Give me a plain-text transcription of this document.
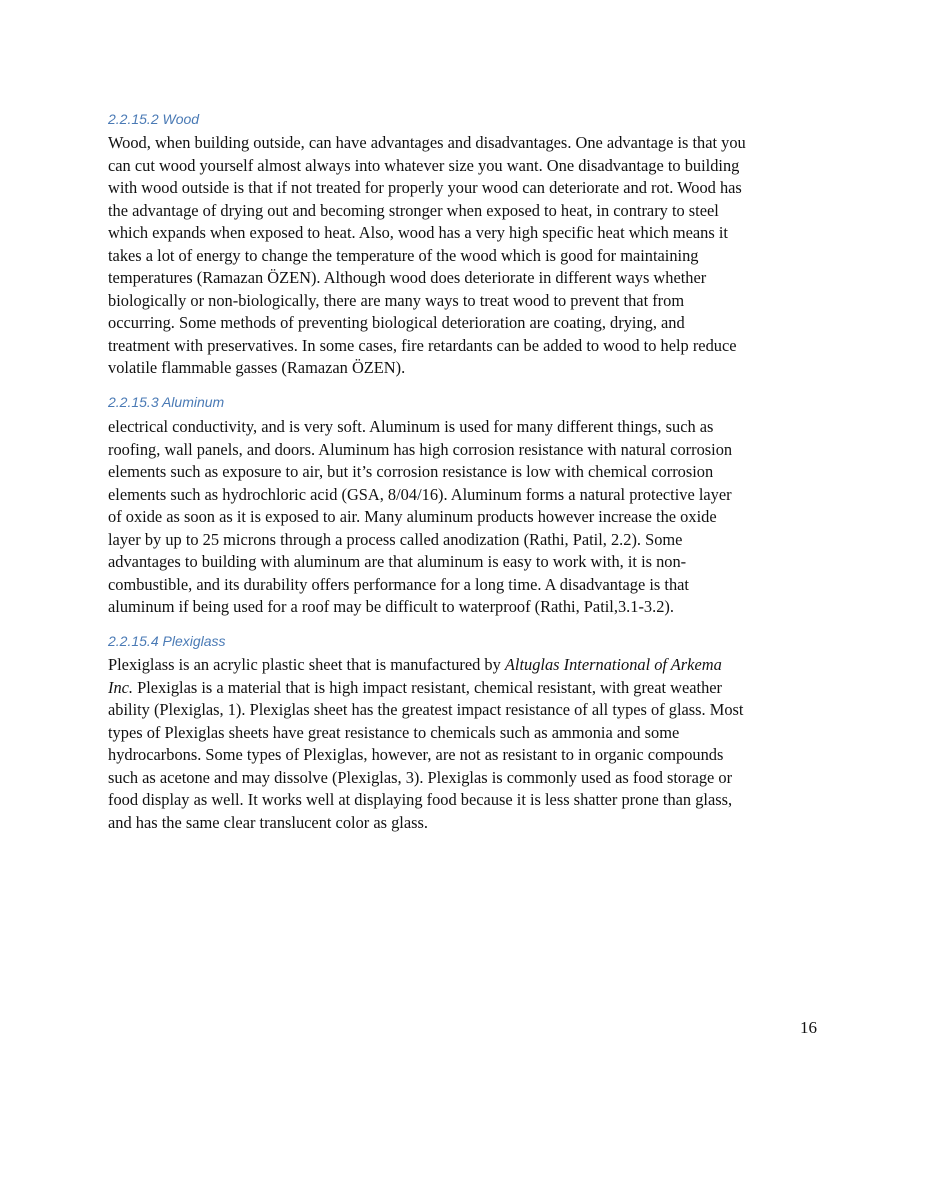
2.2.15.2 Wood
Wood, when building outside, can have advantages and disadvantages. One advantage is that you
can cut wood yourself almost always into whatever size you want. One disadvantage to building
with wood outside is that if not treated for properly your wood can deteriorate and rot. Wood has
the advantage of drying out and becoming stronger when exposed to heat, in contrary to steel
which expands when exposed to heat. Also, wood has a very high specific heat which means it
takes a lot of energy to change the temperature of the wood which is good for maintaining
temperatures (Ramazan ÖZEN). Although wood does deteriorate in different ways whether
biologically or non-biologically, there are many ways to treat wood to prevent that from
occurring. Some methods of preventing biological deterioration are coating, drying, and
treatment with preservatives. In some cases, fire retardants can be added to wood to help reduce
volatile flammable gasses (Ramazan ÖZEN).
2.2.15.3 Aluminum
electrical conductivity, and is very soft. Aluminum is used for many different things, such as
roofing, wall panels, and doors. Aluminum has high corrosion resistance with natural corrosion
elements such as exposure to air, but it’s corrosion resistance is low with chemical corrosion
elements such as hydrochloric acid (GSA, 8/04/16). Aluminum forms a natural protective layer
of oxide as soon as it is exposed to air. Many aluminum products however increase the oxide
layer by up to 25 microns through a process called anodization (Rathi, Patil, 2.2). Some
advantages to building with aluminum are that aluminum is easy to work with, it is non-
combustible, and its durability offers performance for a long time. A disadvantage is that
aluminum if being used for a roof may be difficult to waterproof (Rathi, Patil,3.1-3.2).
2.2.15.4 Plexiglass
Plexiglass is an acrylic plastic sheet that is manufactured by Altuglas International of Arkema
Inc. Plexiglas is a material that is high impact resistant, chemical resistant, with great weather
ability (Plexiglas, 1). Plexiglas sheet has the greatest impact resistance of all types of glass. Most
types of Plexiglas sheets have great resistance to chemicals such as ammonia and some
hydrocarbons. Some types of Plexiglas, however, are not as resistant to in organic compounds
such as acetone and may dissolve (Plexiglas, 3). Plexiglas is commonly used as food storage or
food display as well. It works well at displaying food because it is less shatter prone than glass,
and has the same clear translucent color as glass.
16
